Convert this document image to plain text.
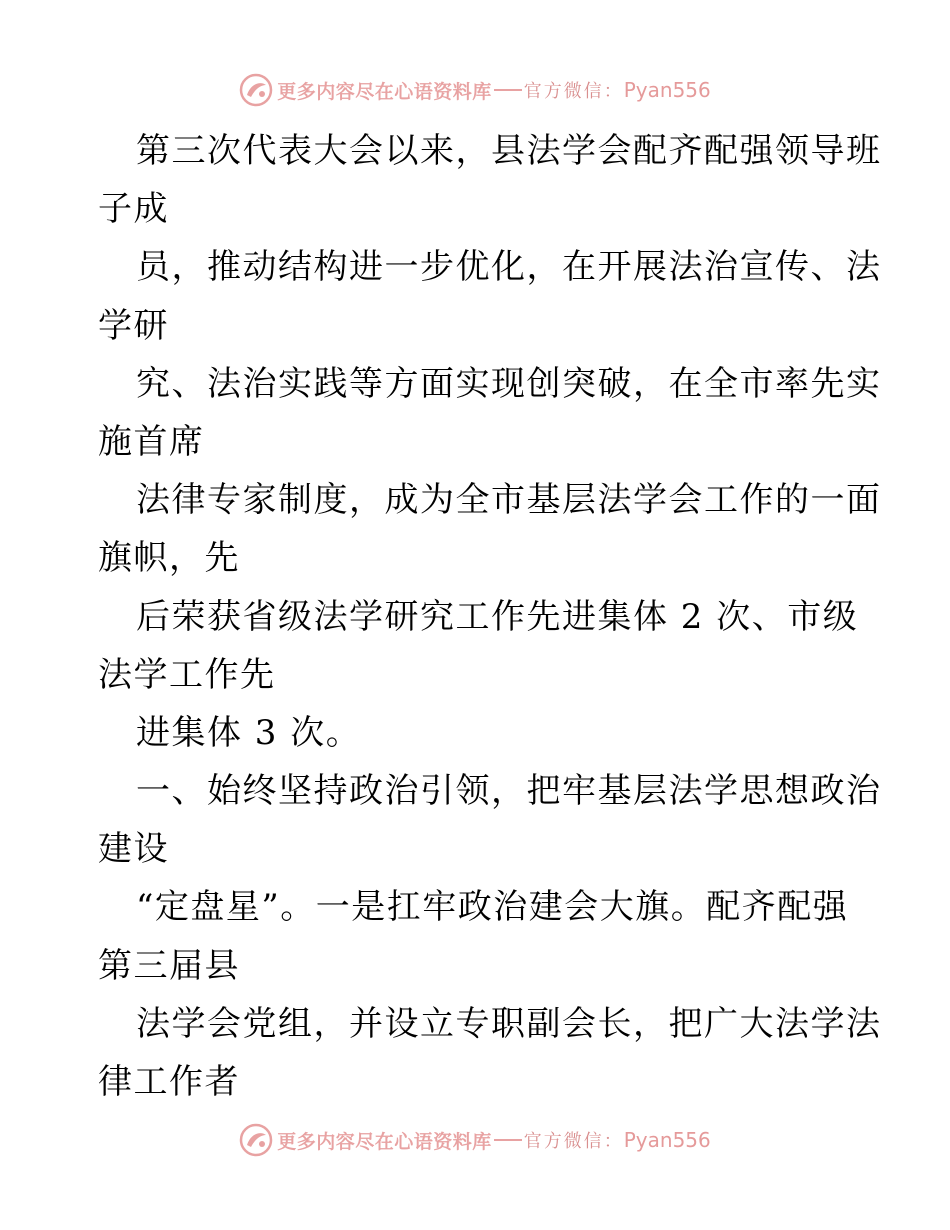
更多内容尽在心语资料库 官方微信： Pyan556
第三次代表大会以来，县法学会配齐配强领导班
子成
员，推动结构进一步优化，在开展法治宣传、法
学研
究、法治实践等方面实现创突破，在全市率先实
施首席
法律专家制度，成为全市基层法学会工作的一面
旗帜，先
后荣获省级法学研究工作先进集体 2 次、市级
法学工作先
进集体 3 次。
一、始终坚持政治引领，把牢基层法学思想政治
建设
“定盘星”。一是扛牢政治建会大旗。配齐配强
第三届县
法学会党组，并设立专职副会长，把广大法学法
律工作者
更多内容尽在心语资料库 官方微信： Pyan556
